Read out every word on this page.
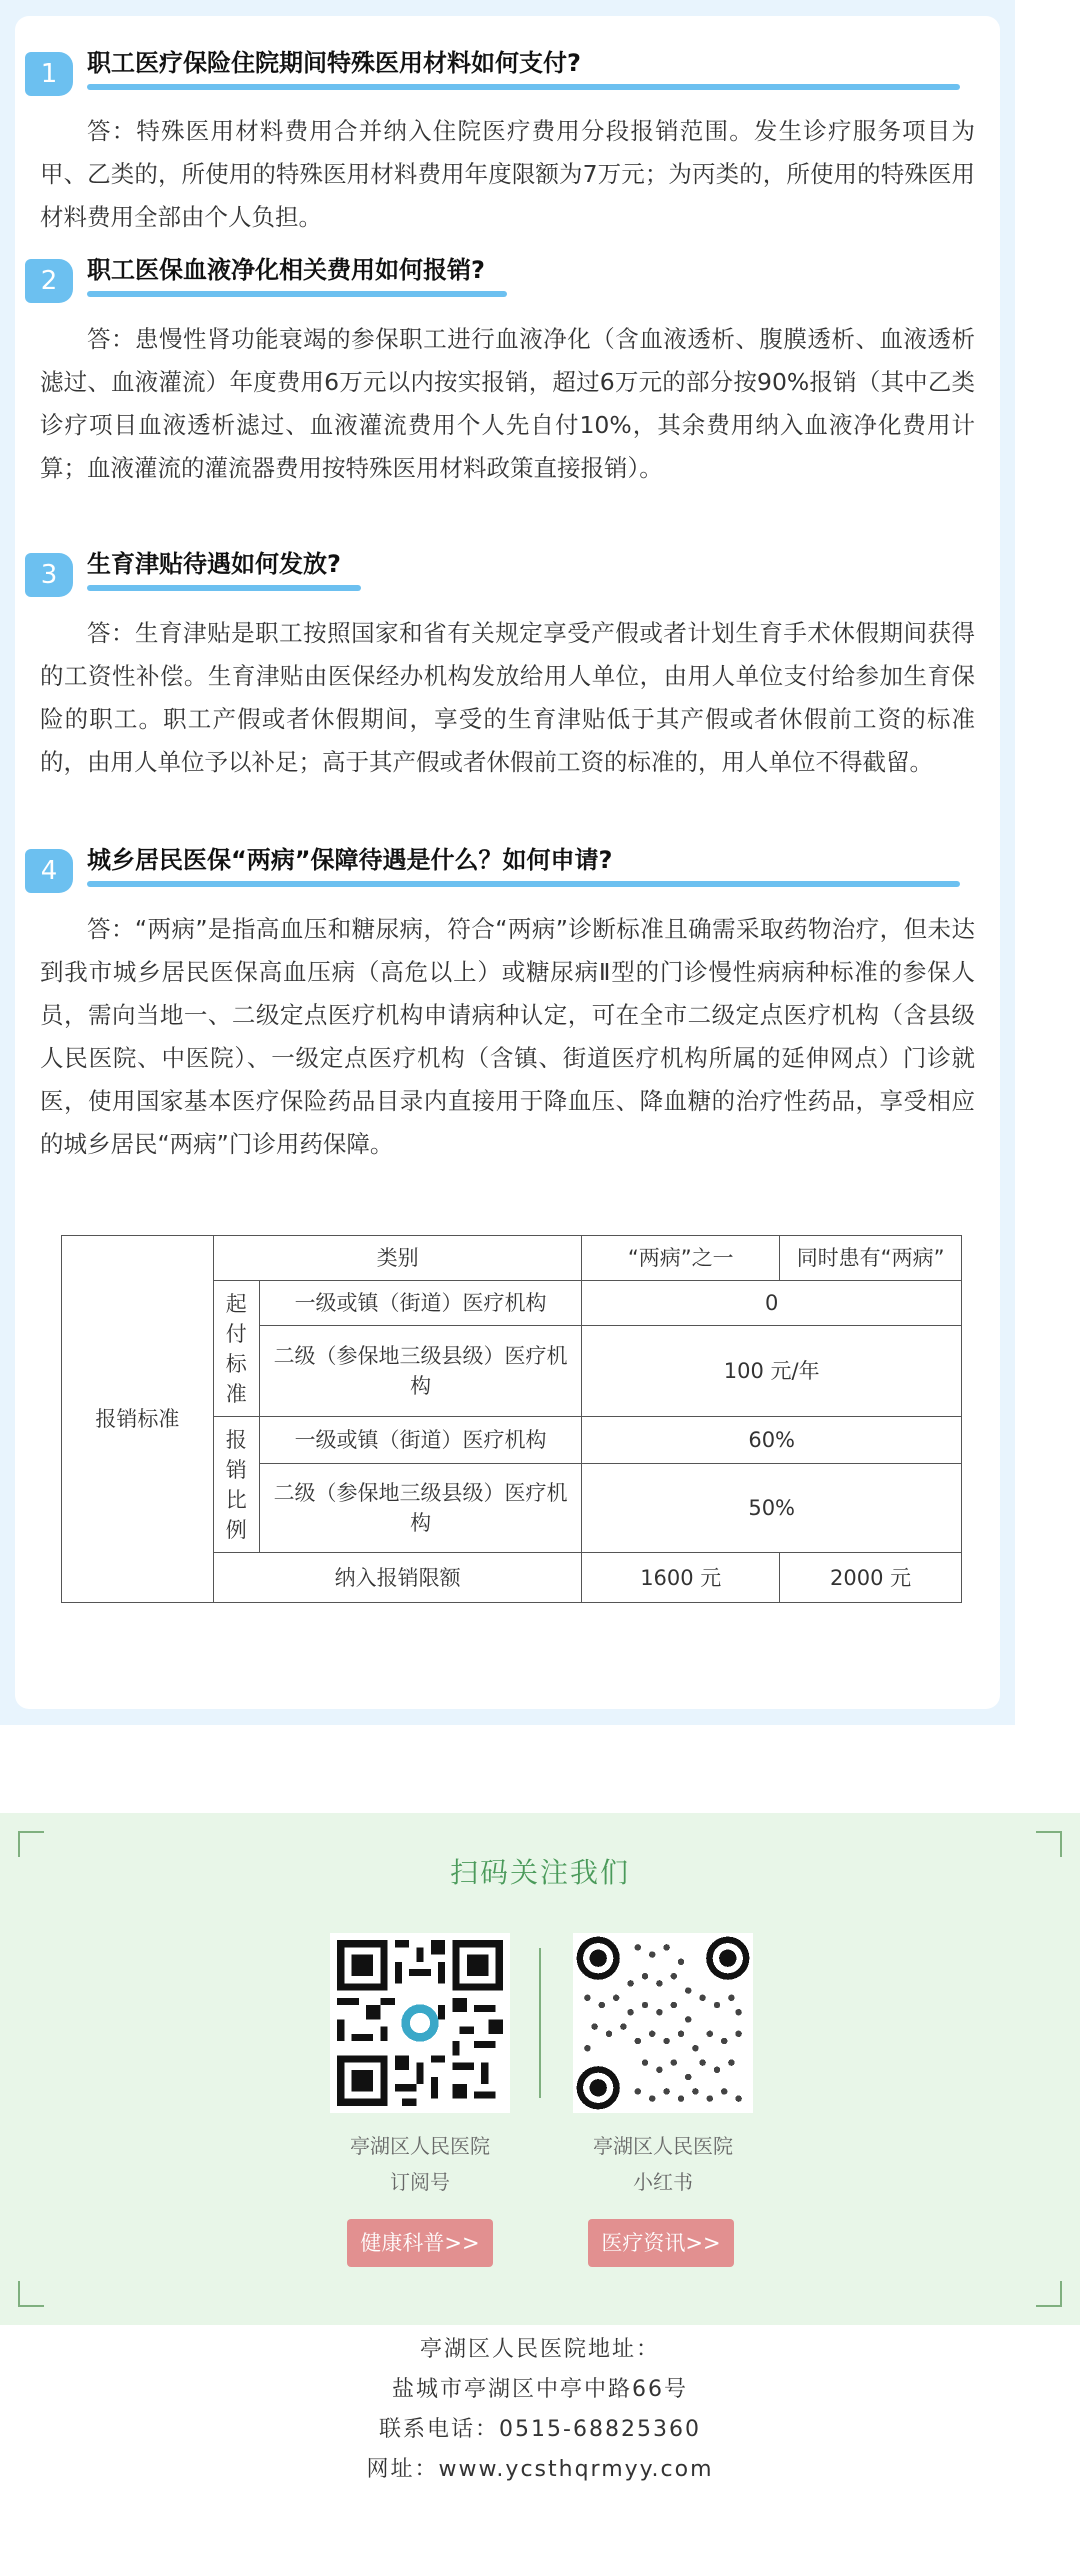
1	职工医疗保险住院期间特殊医用材料如何支付?

答：特殊医用材料费用合并纳入住院医疗费用分段报销范围。发生诊疗服务项目为甲、乙类的，所使用的特殊医用材料费用年度限额为7万元；为丙类的，所使用的特殊医用材料费用全部由个人负担。

2	职工医保血液净化相关费用如何报销?

答：患慢性肾功能衰竭的参保职工进行血液净化（含血液透析、腹膜透析、血液透析滤过、血液灌流）年度费用6万元以内按实报销，超过6万元的部分按90%报销（其中乙类诊疗项目血液透析滤过、血液灌流费用个人先自付10%，其余费用纳入血液净化费用计算；血液灌流的灌流器费用按特殊医用材料政策直接报销）。

3	生育津贴待遇如何发放?

答：生育津贴是职工按照国家和省有关规定享受产假或者计划生育手术休假期间获得的工资性补偿。生育津贴由医保经办机构发放给用人单位，由用人单位支付给参加生育保险的职工。职工产假或者休假期间，享受的生育津贴低于其产假或者休假前工资的标准的，由用人单位予以补足；高于其产假或者休假前工资的标准的，用人单位不得截留。

4	城乡居民医保“两病”保障待遇是什么？如何申请?

答：“两病”是指高血压和糖尿病，符合“两病”诊断标准且确需采取药物治疗，但未达到我市城乡居民医保高血压病（高危以上）或糖尿病Ⅱ型的门诊慢性病病种标准的参保人员，需向当地一、二级定点医疗机构申请病种认定，可在全市二级定点医疗机构（含县级人民医院、中医院）、一级定点医疗机构（含镇、街道医疗机构所属的延伸网点）门诊就医，使用国家基本医疗保险药品目录内直接用于降血压、降血糖的治疗性药品，享受相应的城乡居民“两病”门诊用药保障。

报销标准	类别		“两病”之一	同时患有“两病”
	起付标准	一级或镇（街道）医疗机构	0	
		二级（参保地三级县级）医疗机构	100 元/年	
	报销比例	一级或镇（街道）医疗机构	60%	
		二级（参保地三级县级）医疗机构	50%	
	纳入报销限额		1600 元	2000 元
扫码关注我们
亭湖区人民医院
订阅号
亭湖区人民医院
小红书
健康科普>>	医疗资讯>>
亭湖区人民医院地址：
盐城市亭湖区中亭中路66号
联系电话：0515-68825360
网址：www.ycsthqrmyy.com
